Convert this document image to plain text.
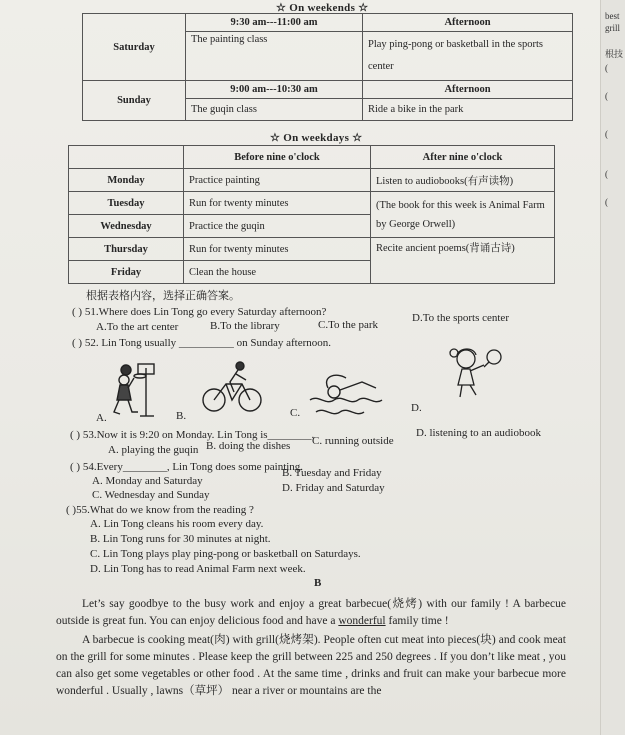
☆ On weekends ☆
Saturday	9:30 am---11:00 am	Afternoon
	The painting class	Play ping-pong or basketball in the sports center
Sunday	9:00 am---10:30 am	Afternoon
	The guqin class	Ride a bike in the park
☆ On weekdays ☆
	Before nine o'clock	After nine o'clock
Monday	Practice painting	Listen to audiobooks(有声读物)
Tuesday	Run for twenty minutes	(The book for this week is Animal Farm by George Orwell)
Wednesday	Practice the guqin	
Thursday	Run for twenty minutes	Recite ancient poems(背诵古诗)
Friday	Clean the house	
根据表格内容，选择正确答案。
( ) 51.Where does Lin Tong go every Saturday afternoon?
A.To the art center	B.To the library	C.To the park
D.To the sports center
( ) 52. Lin Tong usually __________ on Sunday afternoon.
A.	B.	C.	D.
( ) 53.Now it is 9:20 on Monday. Lin Tong is________.
A. playing the guqin B. doing the dishes C. running outside
D. listening to an audiobook
( ) 54.Every________, Lin Tong does some painting.
A. Monday and Saturday
B. Tuesday and Friday
C. Wednesday and Sunday
D. Friday and Saturday
( )55.What do we know from the reading ?
A. Lin Tong cleans his room every day.
B. Lin Tong runs for 30 minutes at night.
C. Lin Tong plays play ping-pong or basketball on Saturdays.
D. Lin Tong has to read Animal Farm next week.
B
Let’s say goodbye to the busy work and enjoy a great barbecue(烧烤) with our family ! A barbecue outside is great fun. You can enjoy delicious food and have a wonderful family time !
A barbecue is cooking meat(肉) with grill(烧烤架). People often cut meat into pieces(块) and cook meat on the grill for some minutes . Please keep the grill between 225 and 250 degrees . If you don’t like meat , you can also get some vegetables or other food . At the same time , drinks and fruit can make your barbecue more wonderful . Usually , lawns（草坪） near a river or mountains are the
best
grill
根技
(
(
(
(
(
